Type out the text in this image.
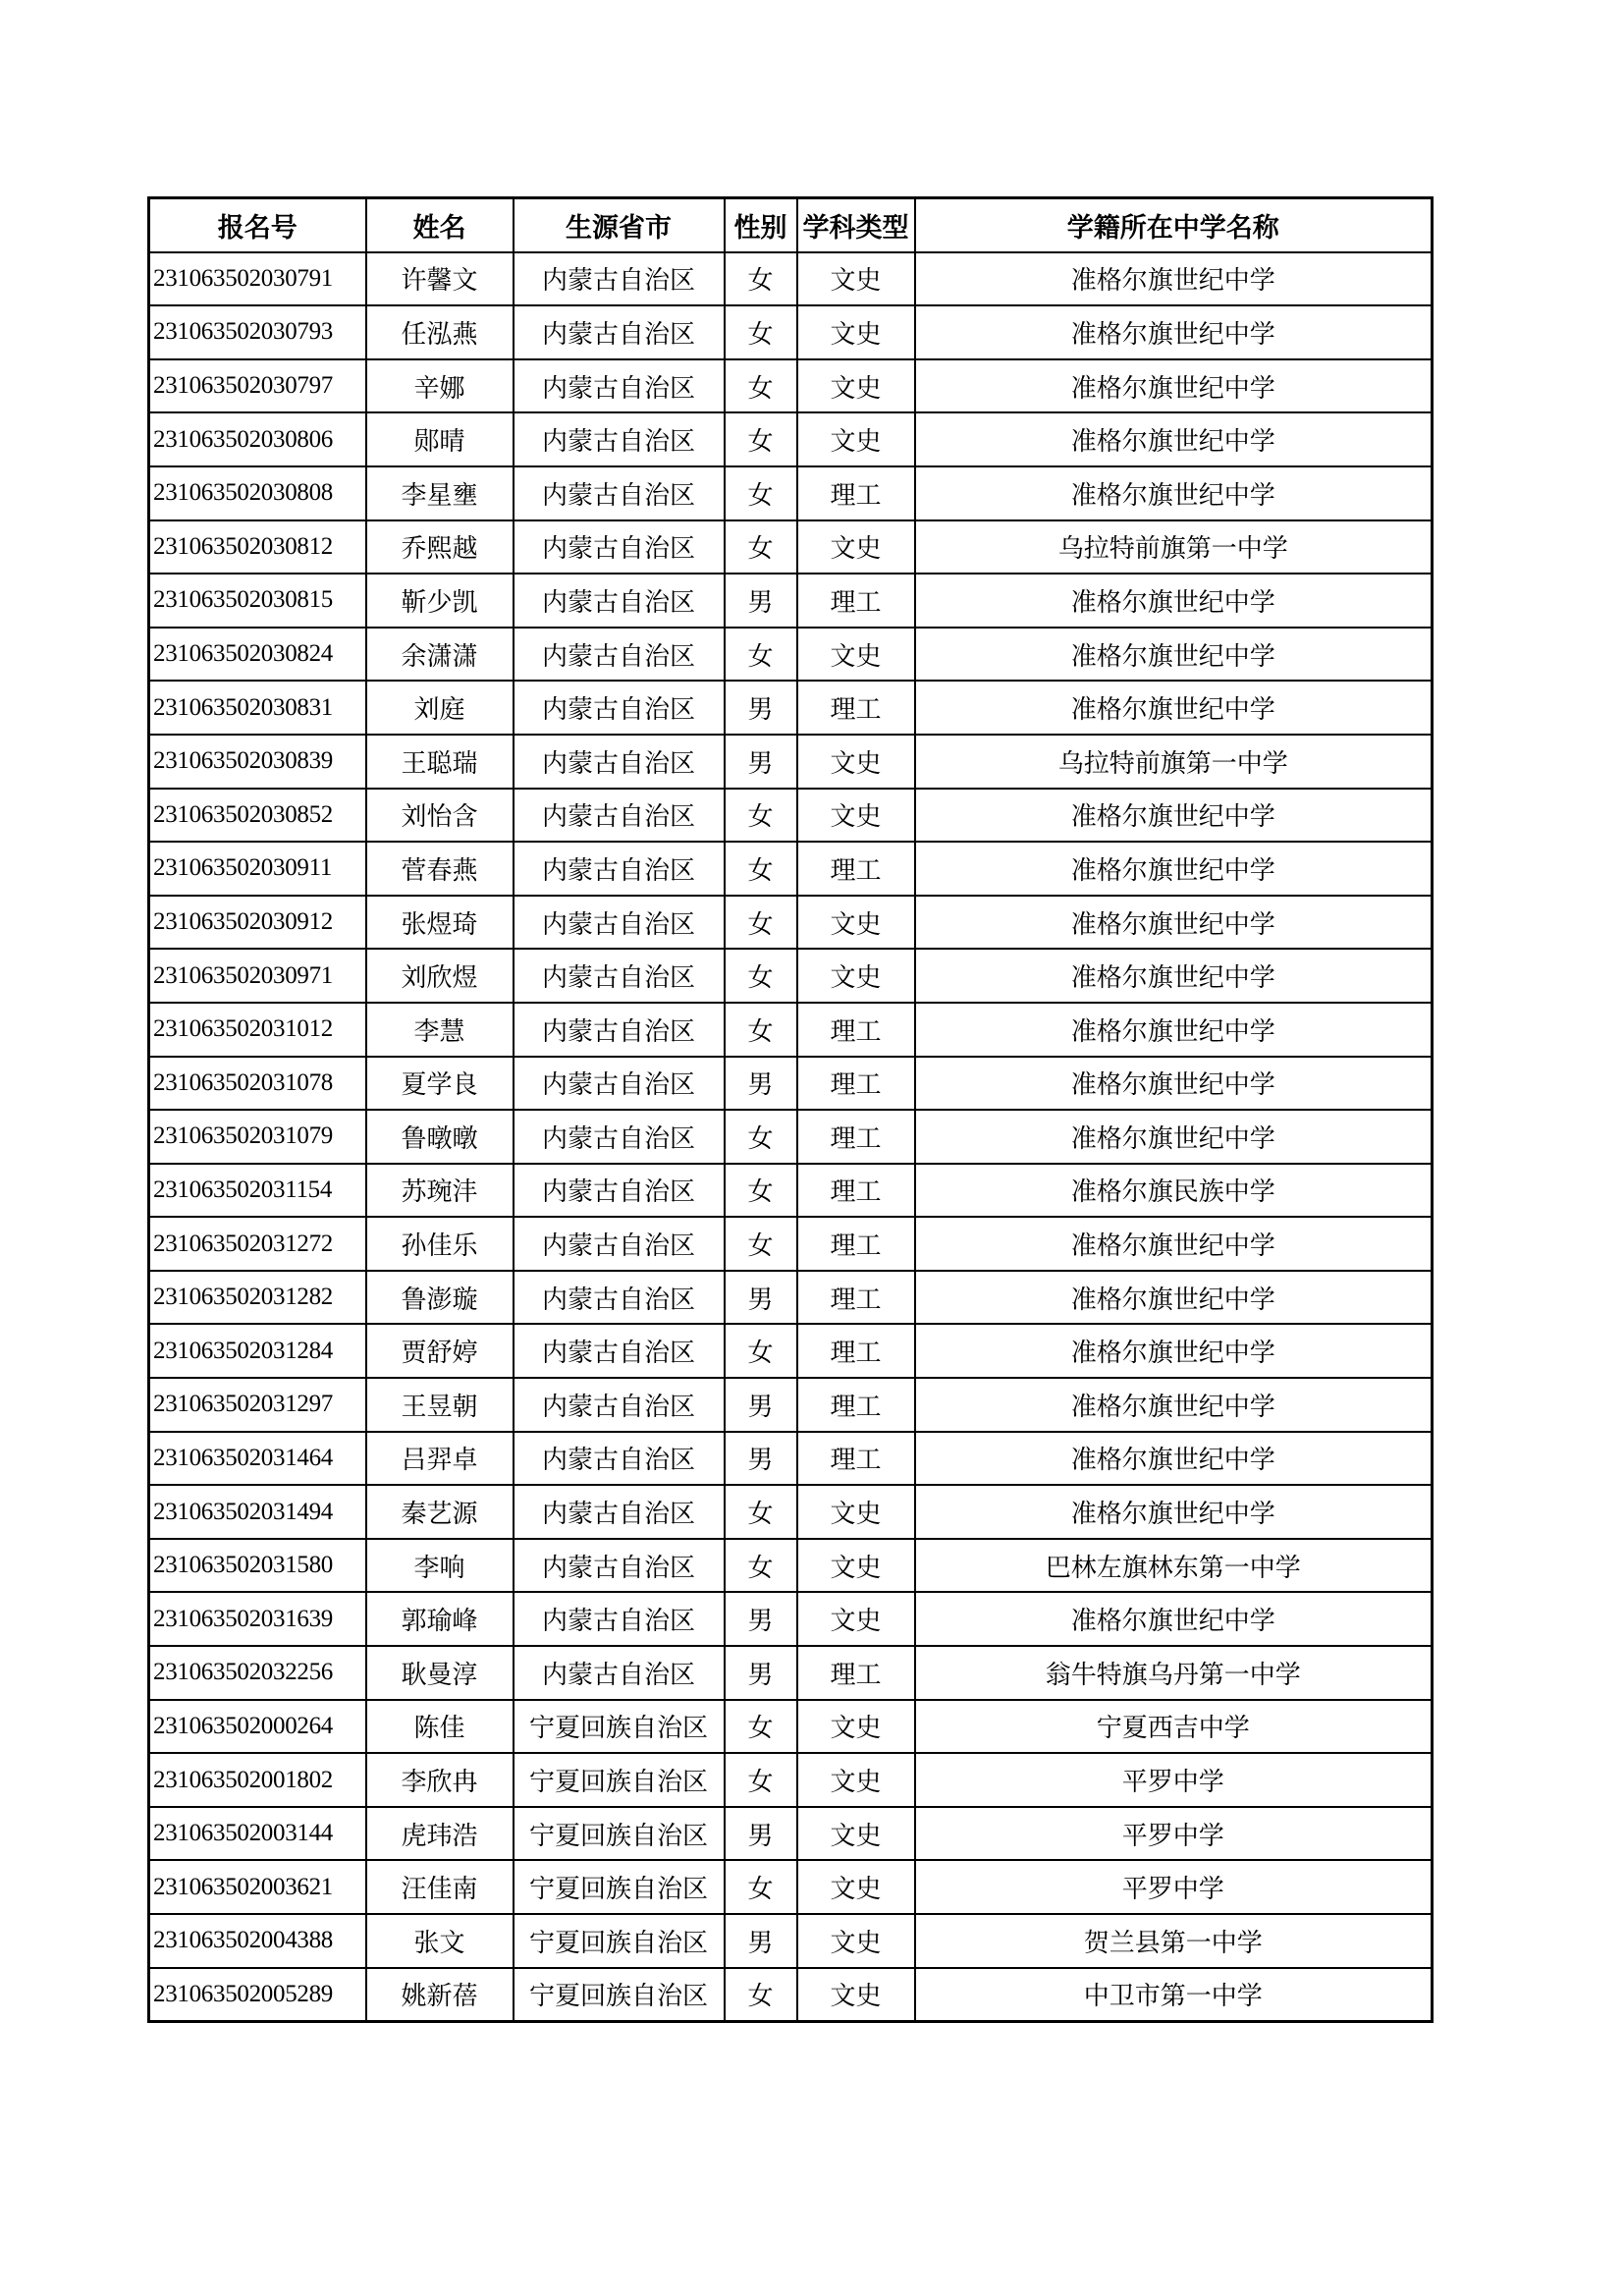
报名号	姓名	生源省市	性别	学科类型	学籍所在中学名称
231063502030791	许馨文	内蒙古自治区	女	文史	准格尔旗世纪中学
231063502030793	任泓燕	内蒙古自治区	女	文史	准格尔旗世纪中学
231063502030797	辛娜	内蒙古自治区	女	文史	准格尔旗世纪中学
231063502030806	郧晴	内蒙古自治区	女	文史	准格尔旗世纪中学
231063502030808	李星壅	内蒙古自治区	女	理工	准格尔旗世纪中学
231063502030812	乔熙越	内蒙古自治区	女	文史	乌拉特前旗第一中学
231063502030815	靳少凯	内蒙古自治区	男	理工	准格尔旗世纪中学
231063502030824	余潇潇	内蒙古自治区	女	文史	准格尔旗世纪中学
231063502030831	刘庭	内蒙古自治区	男	理工	准格尔旗世纪中学
231063502030839	王聪瑞	内蒙古自治区	男	文史	乌拉特前旗第一中学
231063502030852	刘怡含	内蒙古自治区	女	文史	准格尔旗世纪中学
231063502030911	菅春燕	内蒙古自治区	女	理工	准格尔旗世纪中学
231063502030912	张煜琦	内蒙古自治区	女	文史	准格尔旗世纪中学
231063502030971	刘欣煜	内蒙古自治区	女	文史	准格尔旗世纪中学
231063502031012	李慧	内蒙古自治区	女	理工	准格尔旗世纪中学
231063502031078	夏学良	内蒙古自治区	男	理工	准格尔旗世纪中学
231063502031079	鲁暾暾	内蒙古自治区	女	理工	准格尔旗世纪中学
231063502031154	苏琬沣	内蒙古自治区	女	理工	准格尔旗民族中学
231063502031272	孙佳乐	内蒙古自治区	女	理工	准格尔旗世纪中学
231063502031282	鲁澎璇	内蒙古自治区	男	理工	准格尔旗世纪中学
231063502031284	贾舒婷	内蒙古自治区	女	理工	准格尔旗世纪中学
231063502031297	王昱朝	内蒙古自治区	男	理工	准格尔旗世纪中学
231063502031464	吕羿卓	内蒙古自治区	男	理工	准格尔旗世纪中学
231063502031494	秦艺源	内蒙古自治区	女	文史	准格尔旗世纪中学
231063502031580	李响	内蒙古自治区	女	文史	巴林左旗林东第一中学
231063502031639	郭瑜峰	内蒙古自治区	男	文史	准格尔旗世纪中学
231063502032256	耿曼淳	内蒙古自治区	男	理工	翁牛特旗乌丹第一中学
231063502000264	陈佳	宁夏回族自治区	女	文史	宁夏西吉中学
231063502001802	李欣冉	宁夏回族自治区	女	文史	平罗中学
231063502003144	虎玮浩	宁夏回族自治区	男	文史	平罗中学
231063502003621	汪佳南	宁夏回族自治区	女	文史	平罗中学
231063502004388	张文	宁夏回族自治区	男	文史	贺兰县第一中学
231063502005289	姚新蓓	宁夏回族自治区	女	文史	中卫市第一中学
